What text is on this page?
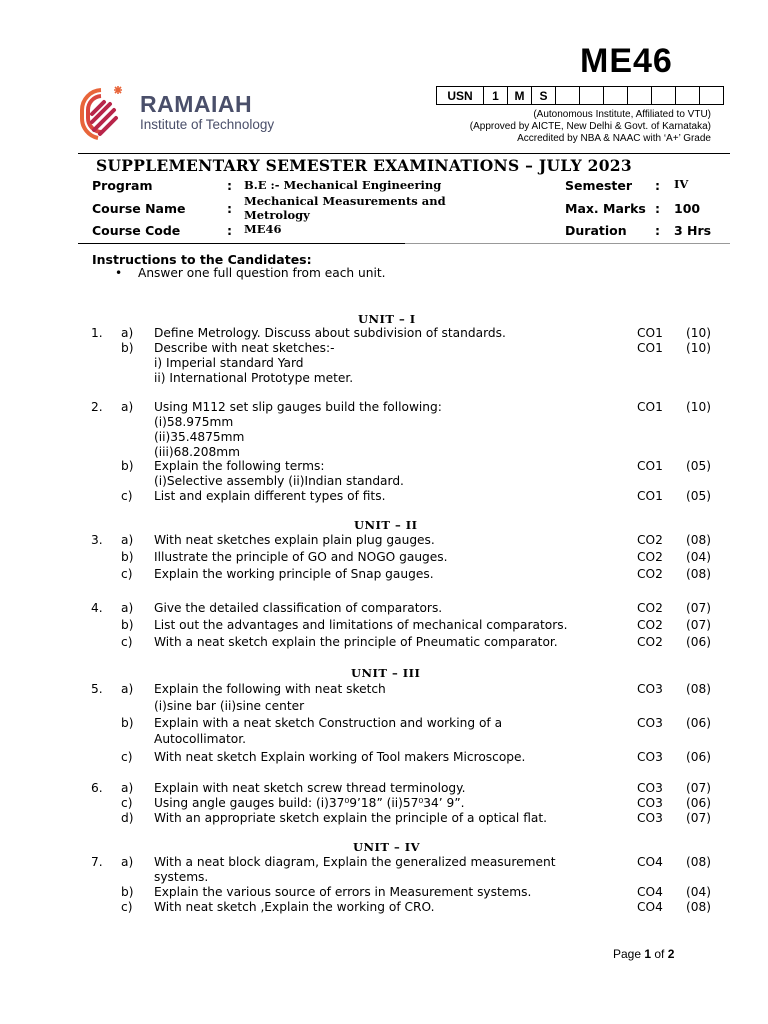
ME46
USN	1	M	S							
RAMAIAH
Institute of Technology
(Autonomous Institute, Affiliated to VTU)
(Approved by AICTE, New Delhi & Govt. of Karnataka)
Accredited by NBA & NAAC with ‘A+’ Grade
SUPPLEMENTARY SEMESTER EXAMINATIONS – JULY 2023
Program	: B.E :- Mechanical Engineering
Course Name	: Mechanical Measurements and
Metrology
Course Code	: ME46
Semester : IV
Max. Marks : 100
Duration : 3 Hrs
Instructions to the Candidates:
• Answer one full question from each unit.
UNIT – I
UNIT – II
UNIT – III
UNIT – IV
1. a) Define Metrology. Discuss about subdivision of standards.	CO1 (10)
b) Describe with neat sketches:-	CO1 (10)
i) Imperial standard Yard
ii) International Prototype meter.
2. a) Using M112 set slip gauges build the following:	CO1 (10)
(i)58.975mm
(ii)35.4875mm
(iii)68.208mm
b) Explain the following terms:	CO1 (05)
(i)Selective assembly (ii)Indian standard.
c) List and explain different types of fits.	CO1 (05)
3. a) With neat sketches explain plain plug gauges.	CO2 (08)
b) Illustrate the principle of GO and NOGO gauges.	CO2 (04)
c) Explain the working principle of Snap gauges.	CO2 (08)
4. a) Give the detailed classification of comparators.	CO2 (07)
b) List out the advantages and limitations of mechanical comparators.	CO2 (07)
c) With a neat sketch explain the principle of Pneumatic comparator.	CO2 (06)
5. a) Explain the following with neat sketch	CO3 (08)
(i)sine bar (ii)sine center
b) Explain with a neat sketch Construction and working of a	CO3 (06)
Autocollimator.
c) With neat sketch Explain working of Tool makers Microscope.	CO3 (06)
6. a) Explain with neat sketch screw thread terminology.	CO3 (07)
c) Using angle gauges build: (i)37⁰9’18” (ii)57⁰34’ 9”.	CO3 (06)
d) With an appropriate sketch explain the principle of a optical flat.	CO3 (07)
7. a) With a neat block diagram, Explain the generalized measurement	CO4 (08)
systems.
b) Explain the various source of errors in Measurement systems.	CO4 (04)
c) With neat sketch ,Explain the working of CRO.	CO4 (08)
Page 1 of 2
